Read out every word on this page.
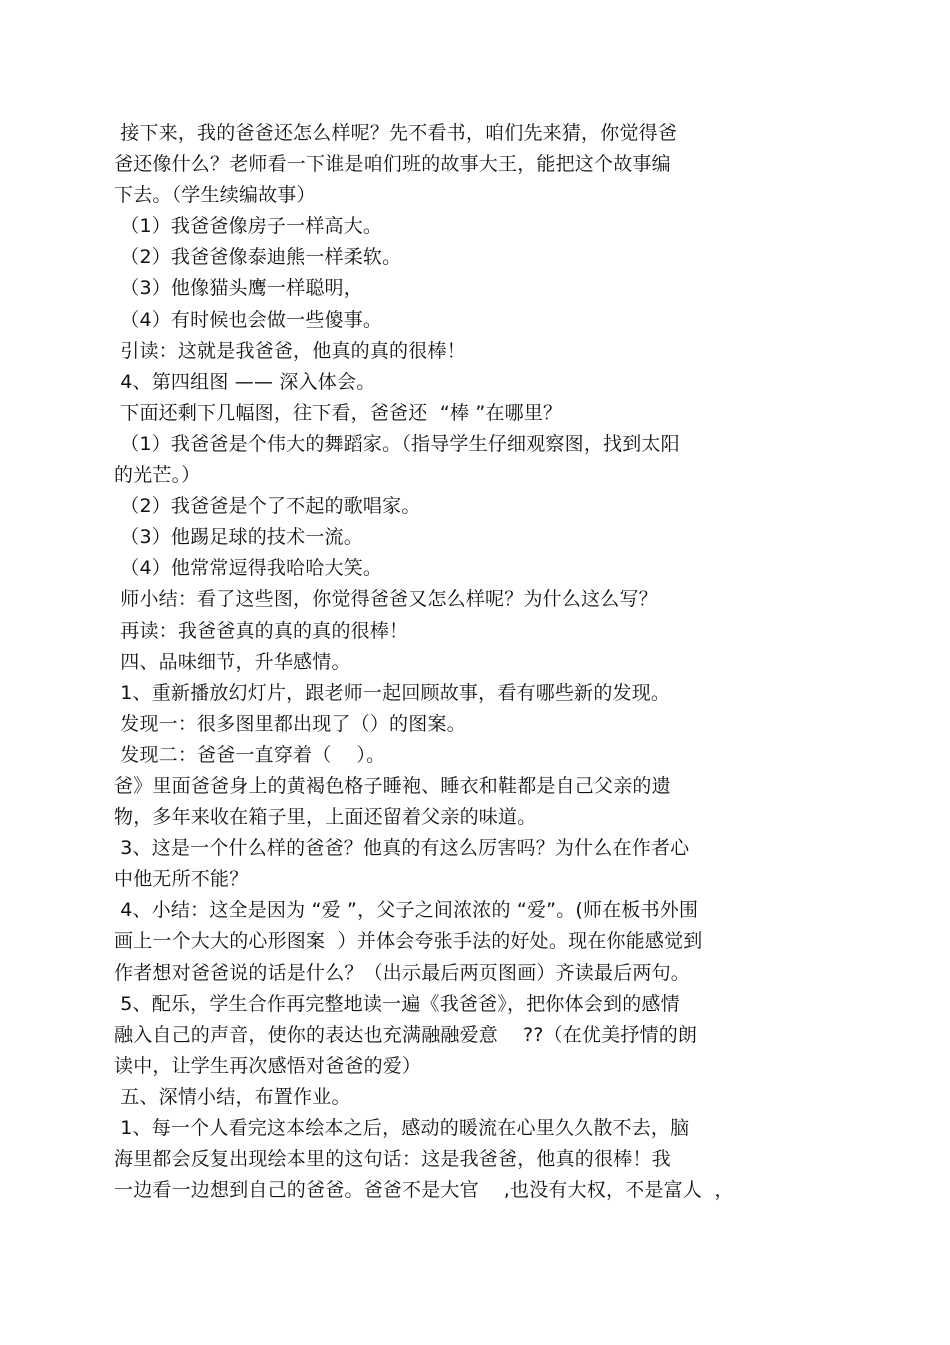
接下来，我的爸爸还怎么样呢？先不看书，咱们先来猜，你觉得爸
爸还像什么？老师看一下谁是咱们班的故事大王，能把这个故事编
下去。（学生续编故事）
（1）我爸爸像房子一样高大。
（2）我爸爸像泰迪熊一样柔软。
（3）他像猫头鹰一样聪明，
（4）有时候也会做一些傻事。
引读：这就是我爸爸，他真的真的很棒！
4、第四组图 —— 深入体会。
下面还剩下几幅图，往下看，爸爸还  “棒 ”在哪里？
（1）我爸爸是个伟大的舞蹈家。（指导学生仔细观察图，找到太阳
的光芒。）
（2）我爸爸是个了不起的歌唱家。
（3）他踢足球的技术一流。
（4）他常常逗得我哈哈大笑。
师小结：看了这些图，你觉得爸爸又怎么样呢？为什么这么写？
再读：我爸爸真的真的真的很棒！
四、品味细节，升华感情。
1、重新播放幻灯片，跟老师一起回顾故事，看有哪些新的发现。
发现一：很多图里都出现了（）的图案。
发现二：爸爸一直穿着（    ）。
爸》里面爸爸身上的黄褐色格子睡袍、睡衣和鞋都是自己父亲的遗
物，多年来收在箱子里，上面还留着父亲的味道。
3、这是一个什么样的爸爸？他真的有这么厉害吗？为什么在作者心
中他无所不能？
4、小结：这全是因为 “爱 ”，父子之间浓浓的 “爱”。(师在板书外围
画上一个大大的心形图案  ）并体会夸张手法的好处。现在你能感觉到
作者想对爸爸说的话是什么？（出示最后两页图画）齐读最后两句。
5、配乐，学生合作再完整地读一遍《我爸爸》，把你体会到的感情
融入自己的声音，使你的表达也充满融融爱意    ??（在优美抒情的朗
读中，让学生再次感悟对爸爸的爱）
五、深情小结，布置作业。
1、每一个人看完这本绘本之后，感动的暖流在心里久久散不去，脑
海里都会反复出现绘本里的这句话：这是我爸爸，他真的很棒！我
一边看一边想到自己的爸爸。爸爸不是大官    ,也没有大权，不是富人  ，
